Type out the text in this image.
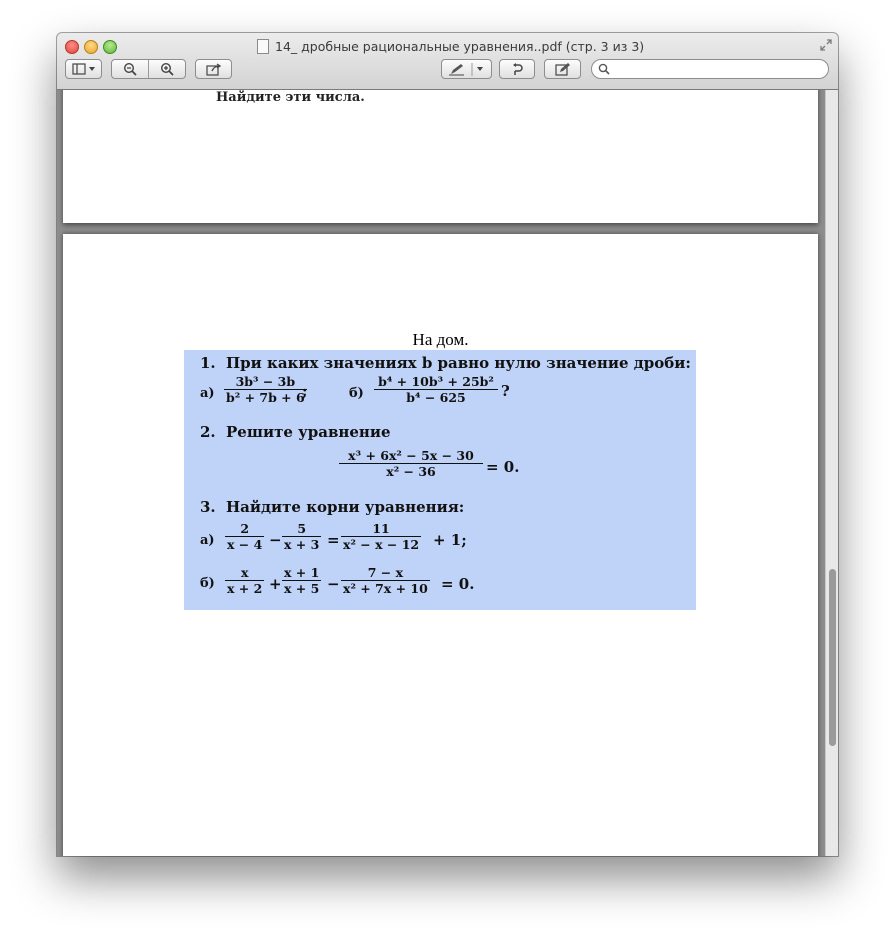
14_ дробные рациональные уравнения..pdf (стр. 3 из 3)
Найдите эти числа.
На дом.
1. При каких значениях b равно нулю значение дроби:
$а) \frac{\text{3b³ − 3b}}{\text{b² + 7b + 6}}$
;	$б) \frac{\text{b⁴ + 10b³ + 25b²}}{\text{b⁴ − 625}}$ ?
2. Решите уравнение
$\frac{\text{x³ + 6x² − 5x − 30}}{\text{x² − 36}} = 0$.
3. Найдите корни уравнения:
$а) \frac{2}{x - 4} - \frac{5}{x + 3} = \frac{11}{\text{x² − x − 12}} + 1$;
$б) \frac{x}{x + 2} + \frac{x + 1}{x + 5} - \frac{7 - x}{\text{x² + 7x + 10}} = 0$.
